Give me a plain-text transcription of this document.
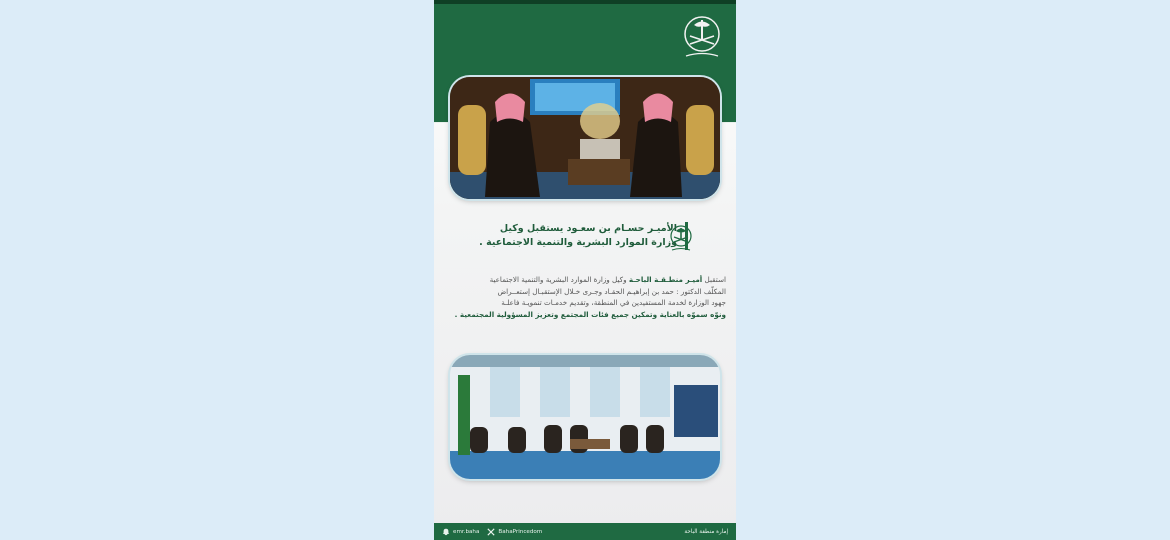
الأميـر حسـام بن سعـود يستقبل وكيل

وزارة الموارد البشرية والتنمية الاجتماعية .

استقبل أميـر منطـقـة الباحـة وكيل وزارة الموارد البشرية والتنمية الاجتماعية
المكلّف الدكتور : حمد بن إبراهيـم الحقـاد وجـرى خـلال الإستقبـال إستعــراض
جهود الوزارة لخدمة المستفيدين في المنطقة، وتقديم خدمـات تنمويـة فاعلـة
ونوّه سموّه بالعناية وتمكين جميع فئات المجتمع وتعزيز المسؤولية المجتمعية .
emr.baha	BahaPrincedom	إمارة منطقة الباحة
